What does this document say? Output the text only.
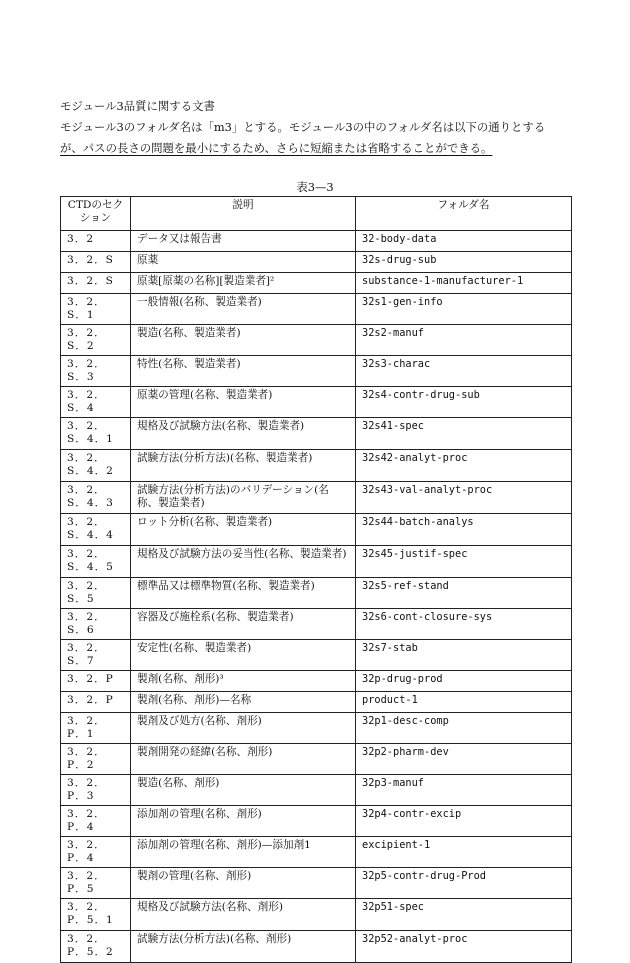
モジュール3品質に関する文書
モジュール3のフォルダ名は「m3」とする。モジュール3の中のフォルダ名は以下の通りとする
が、パスの長さの問題を最小にするため、さらに短縮または省略することができる。
表3—3
CTDのセクション	説明	フォルダ名
3．2	データ又は報告書	32-body-data
3．2．S	原薬	32s-drug-sub
3．2．S	原薬[原薬の名称][製造業者]²	substance-1-manufacturer-1
3．2．S．1	一般情報(名称、製造業者)	32s1-gen-info
3．2．S．2	製造(名称、製造業者)	32s2-manuf
3．2．S．3	特性(名称、製造業者)	32s3-charac
3．2．S．4	原薬の管理(名称、製造業者)	32s4-contr-drug-sub
3．2．S．4．1	規格及び試験方法(名称、製造業者)	32s41-spec
3．2．S．4．2	試験方法(分析方法)(名称、製造業者)	32s42-analyt-proc
3．2．S．4．3	試験方法(分析方法)のバリデーション(名称、製造業者)	32s43-val-analyt-proc
3．2．S．4．4	ロット分析(名称、製造業者)	32s44-batch-analys
3．2．S．4．5	規格及び試験方法の妥当性(名称、製造業者)	32s45-justif-spec
3．2．S．5	標準品又は標準物質(名称、製造業者)	32s5-ref-stand
3．2．S．6	容器及び施栓系(名称、製造業者)	32s6-cont-closure-sys
3．2．S．7	安定性(名称、製造業者)	32s7-stab
3．2．P	製剤(名称、剤形)³	32p-drug-prod
3．2．P	製剤(名称、剤形)—名称	product-1
3．2．P．1	製剤及び処方(名称、剤形)	32p1-desc-comp
3．2．P．2	製剤開発の経緯(名称、剤形)	32p2-pharm-dev
3．2．P．3	製造(名称、剤形)	32p3-manuf
3．2．P．4	添加剤の管理(名称、剤形)	32p4-contr-excip
3．2．P．4	添加剤の管理(名称、剤形)—添加剤1	excipient-1
3．2．P．5	製剤の管理(名称、剤形)	32p5-contr-drug-Prod
3．2．P．5．1	規格及び試験方法(名称、剤形)	32p51-spec
3．2．P．5．2	試験方法(分析方法)(名称、剤形)	32p52-analyt-proc
